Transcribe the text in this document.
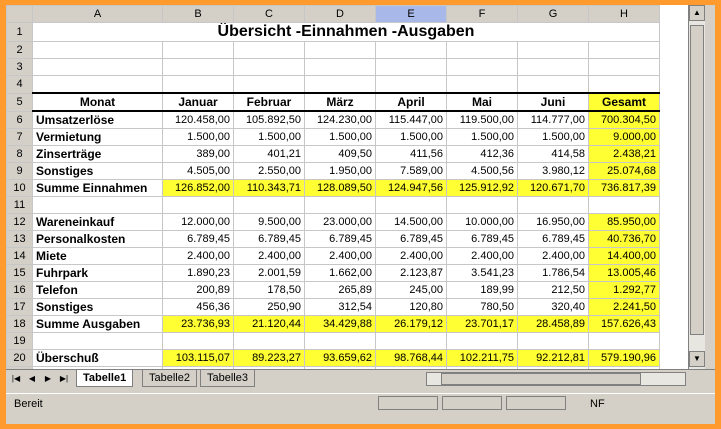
	A	B	C	D	E	F	G	H
1	Übersicht -Einnahmen -Ausgaben							
2								
3								
4								
5	Monat	Januar	Februar	März	April	Mai	Juni	Gesamt
6	Umsatzerlöse	120.458,00	105.892,50	124.230,00	115.447,00	119.500,00	114.777,00	700.304,50
7	Vermietung	1.500,00	1.500,00	1.500,00	1.500,00	1.500,00	1.500,00	9.000,00
8	Zinserträge	389,00	401,21	409,50	411,56	412,36	414,58	2.438,21
9	Sonstiges	4.505,00	2.550,00	1.950,00	7.589,00	4.500,56	3.980,12	25.074,68
10	Summe Einnahmen	126.852,00	110.343,71	128.089,50	124.947,56	125.912,92	120.671,70	736.817,39
11								
12	Wareneinkauf	12.000,00	9.500,00	23.000,00	14.500,00	10.000,00	16.950,00	85.950,00
13	Personalkosten	6.789,45	6.789,45	6.789,45	6.789,45	6.789,45	6.789,45	40.736,70
14	Miete	2.400,00	2.400,00	2.400,00	2.400,00	2.400,00	2.400,00	14.400,00
15	Fuhrpark	1.890,23	2.001,59	1.662,00	2.123,87	3.541,23	1.786,54	13.005,46
16	Telefon	200,89	178,50	265,89	245,00	189,99	212,50	1.292,77
17	Sonstiges	456,36	250,90	312,54	120,80	780,50	320,40	2.241,50
18	Summe Ausgaben	23.736,93	21.120,44	34.429,88	26.179,12	23.701,17	28.458,89	157.626,43
19								
20	Überschuß	103.115,07	89.223,27	93.659,62	98.768,44	102.211,75	92.212,81	579.190,96

▲
▼
|◀	◀	▶	▶|	Tabelle1	Tabelle2	Tabelle3
Bereit	NF
